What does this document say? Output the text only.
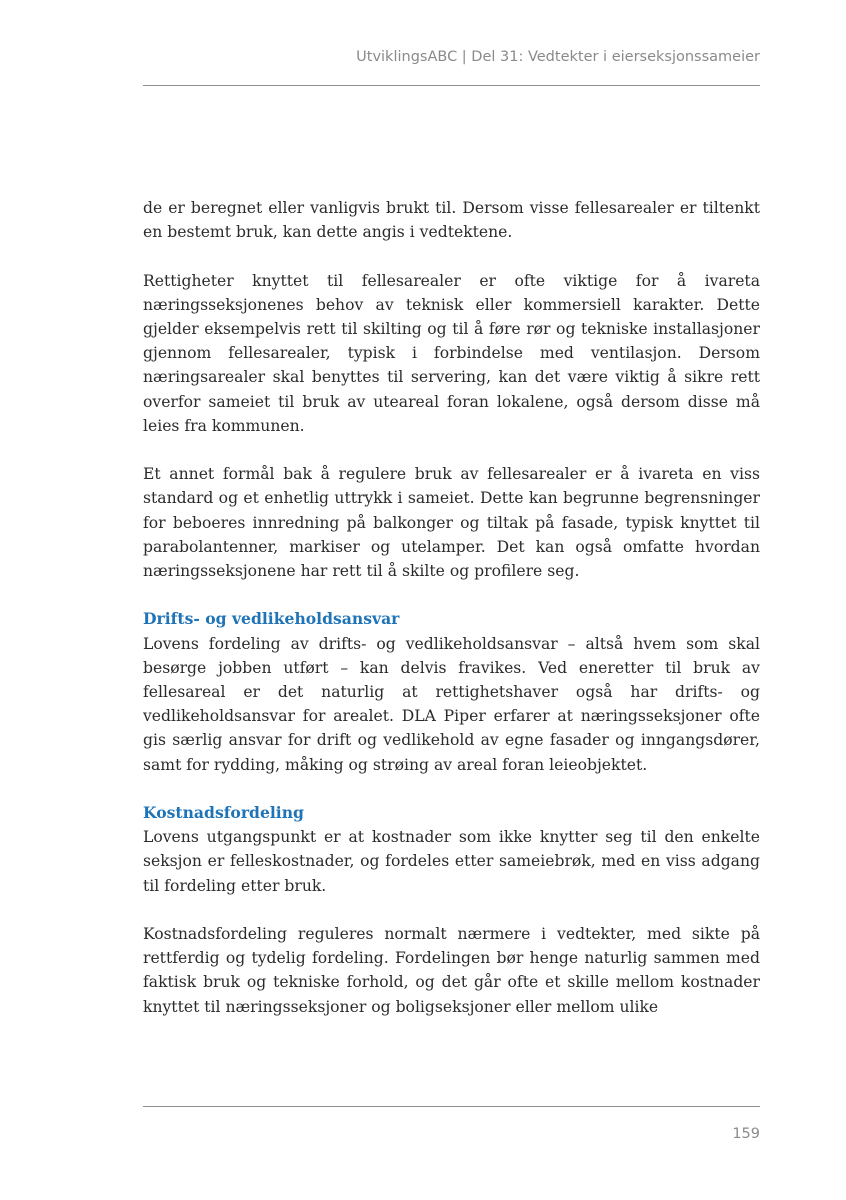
UtviklingsABC | Del 31: Vedtekter i eierseksjonssameier

de er beregnet eller vanligvis brukt til. Dersom visse fellesarealer er tiltenkt en bestemt bruk, kan dette angis i vedtektene.

Rettigheter knyttet til fellesarealer er ofte viktige for å ivareta næringsseksjonenes behov av teknisk eller kommersiell karakter. Dette gjelder eksempelvis rett til skilting og til å føre rør og tekniske installasjoner gjennom fellesarealer, typisk i forbindelse med ventilasjon. Dersom næringsarealer skal benyttes til servering, kan det være viktig å sikre rett overfor sameiet til bruk av uteareal foran lokalene, også dersom disse må leies fra kommunen.

Et annet formål bak å regulere bruk av fellesarealer er å ivareta en viss standard og et enhetlig uttrykk i sameiet. Dette kan begrunne begrensninger for beboeres innredning på balkonger og tiltak på fasade, typisk knyttet til parabolantenner, markiser og utelamper. Det kan også omfatte hvordan næringsseksjonene har rett til å skilte og profilere seg.

Drifts- og vedlikeholdsansvar

Lovens fordeling av drifts- og vedlikeholdsansvar – altså hvem som skal besørge jobben utført – kan delvis fravikes. Ved eneretter til bruk av fellesareal er det naturlig at rettighetshaver også har drifts- og vedlikeholdsansvar for arealet. DLA Piper erfarer at næringsseksjoner ofte gis særlig ansvar for drift og vedlikehold av egne fasader og inngangsdører, samt for rydding, måking og strøing av areal foran leieobjektet.

Kostnadsfordeling

Lovens utgangspunkt er at kostnader som ikke knytter seg til den enkelte seksjon er felleskostnader, og fordeles etter sameiebrøk, med en viss adgang til fordeling etter bruk.

Kostnadsfordeling reguleres normalt nærmere i vedtekter, med sikte på rettferdig og tydelig fordeling. Fordelingen bør henge naturlig sammen med faktisk bruk og tekniske forhold, og det går ofte et skille mellom kostnader knyttet til næringsseksjoner og boligseksjoner eller mellom ulike

159
